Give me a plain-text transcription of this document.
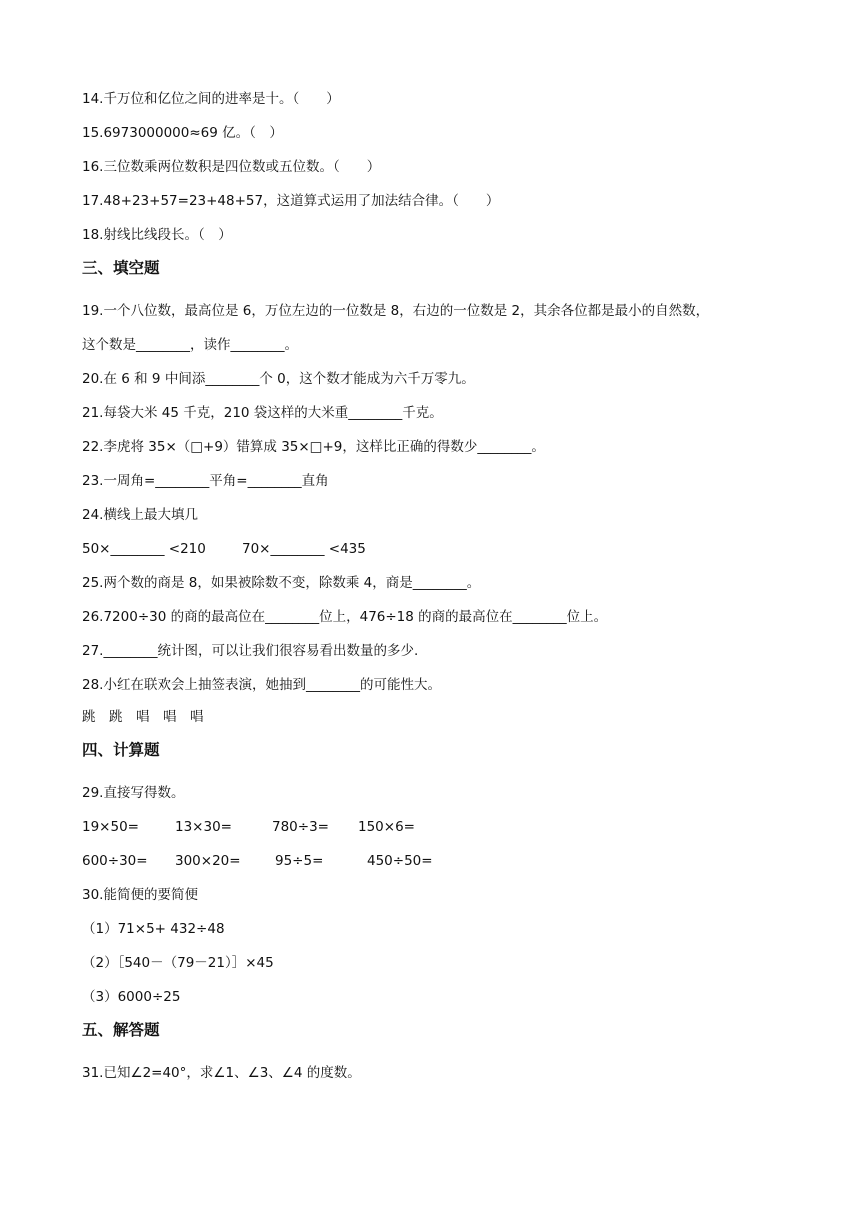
14.千万位和亿位之间的进率是十。（　　）
15.6973000000≈69 亿。（　）
16.三位数乘两位数积是四位数或五位数。（　　）
17.48+23+57=23+48+57，这道算式运用了加法结合律。（　　）
18.射线比线段长。（　）
三、填空题
19.一个八位数，最高位是 6，万位左边的一位数是 8，右边的一位数是 2，其余各位都是最小的自然数，
这个数是________，读作________。
20.在 6 和 9 中间添________个 0，这个数才能成为六千万零九。
21.每袋大米 45 千克，210 袋这样的大米重________千克。
22.李虎将 35×（□+9）错算成 35×□+9，这样比正确的得数少________。
23.一周角=________平角=________直角
24.横线上最大填几
50×________ <210	70×________ <435
25.两个数的商是 8，如果被除数不变，除数乘 4，商是________。
26.7200÷30 的商的最高位在________位上，476÷18 的商的最高位在________位上。
27.________统计图，可以让我们很容易看出数量的多少.
28.小红在联欢会上抽签表演，她抽到________的可能性大。
跳　跳　唱　唱　唱
四、计算题
29.直接写得数。
19×50=	13×30=	780÷3= 150×6=
600÷30= 300×20=	95÷5=	450÷50=
30.能简便的要简便
（1）71×5+ 432÷48
（2）［540－（79－21）］×45
（3）6000÷25
五、解答题
31.已知∠2=40°，求∠1、∠3、∠4 的度数。
